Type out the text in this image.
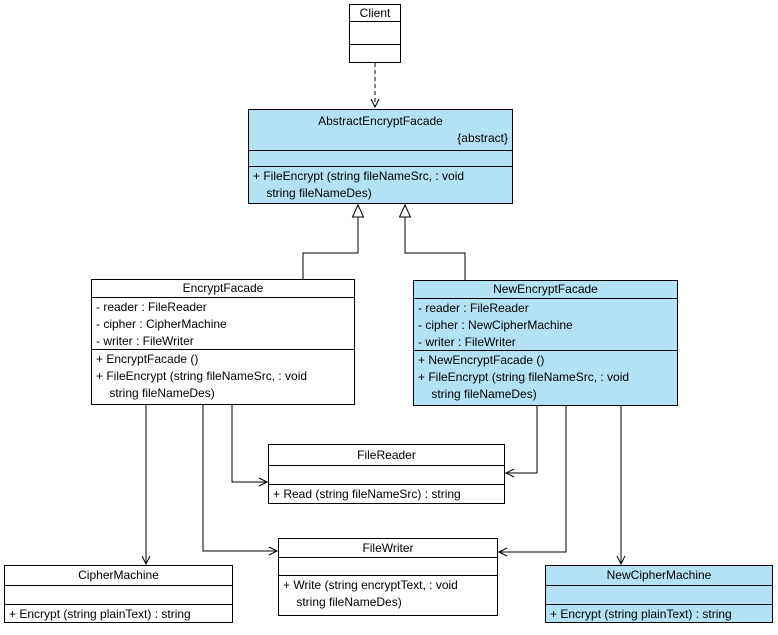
Client
AbstractEncryptFacade
{abstract}
+ FileEncrypt (string fileNameSrc, : void
string fileNameDes)
EncryptFacade
- reader : FileReader
- cipher : CipherMachine
- writer : FileWriter
+ EncryptFacade ()
+ FileEncrypt (string fileNameSrc, : void
string fileNameDes)
NewEncryptFacade
- reader : FileReader
- cipher : NewCipherMachine
- writer : FileWriter
+ NewEncryptFacade ()
+ FileEncrypt (string fileNameSrc, : void
string fileNameDes)
FileReader
+ Read (string fileNameSrc) : string
FileWriter
+ Write (string encryptText, : void
string fileNameDes)
CipherMachine
+ Encrypt (string plainText) : string
NewCipherMachine
+ Encrypt (string plainText) : string
